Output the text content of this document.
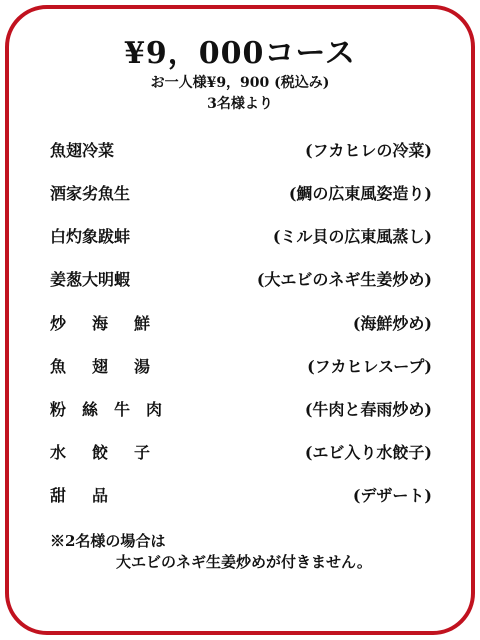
¥9，000コース
お一人様¥9，900 (税込み)
3名様より
魚翅冷菜	(フカヒレの冷菜)
酒家劣魚生	(鯛の広東風姿造り)
白灼象跋蚌	(ミル貝の広東風蒸し)
姜葱大明蝦	(大エビのネギ生姜炒め)
炒海鮮	(海鮮炒め)
魚翅湯	(フカヒレスープ)
粉絲牛肉	(牛肉と春雨炒め)
水餃子	(エビ入り水餃子)
甜品	(デザート)
※2名様の場合は
大エビのネギ生姜炒めが付きません。
